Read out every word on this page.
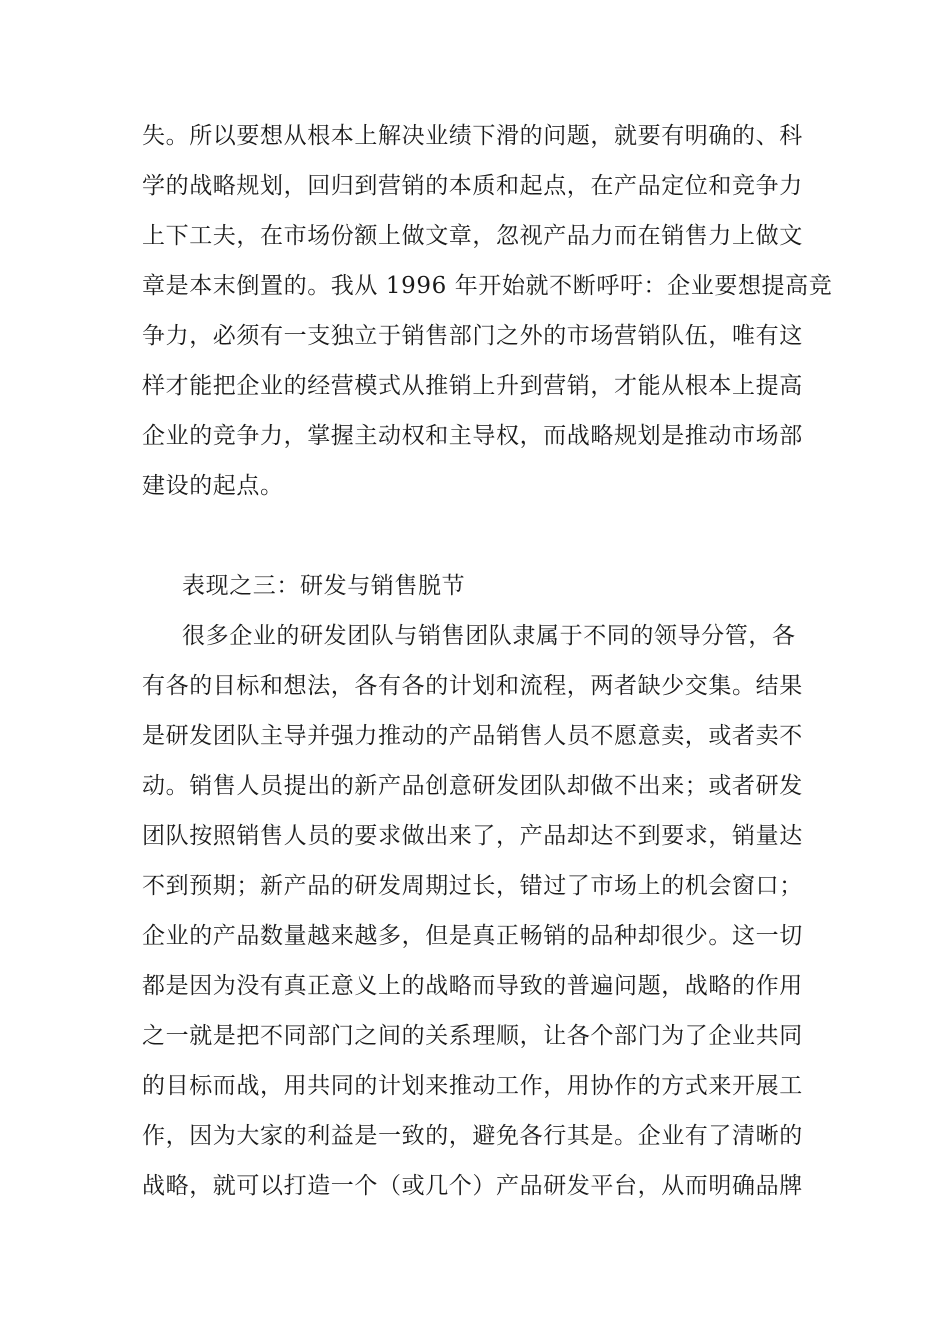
失。所以要想从根本上解决业绩下滑的问题，就要有明确的、科
学的战略规划，回归到营销的本质和起点，在产品定位和竞争力
上下工夫，在市场份额上做文章，忽视产品力而在销售力上做文
章是本末倒置的。我从 1996 年开始就不断呼吁：企业要想提高竞
争力，必须有一支独立于销售部门之外的市场营销队伍，唯有这
样才能把企业的经营模式从推销上升到营销，才能从根本上提高
企业的竞争力，掌握主动权和主导权，而战略规划是推动市场部
建设的起点。
表现之三：研发与销售脱节
很多企业的研发团队与销售团队隶属于不同的领导分管，各
有各的目标和想法，各有各的计划和流程，两者缺少交集。结果
是研发团队主导并强力推动的产品销售人员不愿意卖，或者卖不
动。销售人员提出的新产品创意研发团队却做不出来；或者研发
团队按照销售人员的要求做出来了，产品却达不到要求，销量达
不到预期；新产品的研发周期过长，错过了市场上的机会窗口；
企业的产品数量越来越多，但是真正畅销的品种却很少。这一切
都是因为没有真正意义上的战略而导致的普遍问题，战略的作用
之一就是把不同部门之间的关系理顺，让各个部门为了企业共同
的目标而战，用共同的计划来推动工作，用协作的方式来开展工
作，因为大家的利益是一致的，避免各行其是。企业有了清晰的
战略，就可以打造一个（或几个）产品研发平台，从而明确品牌
